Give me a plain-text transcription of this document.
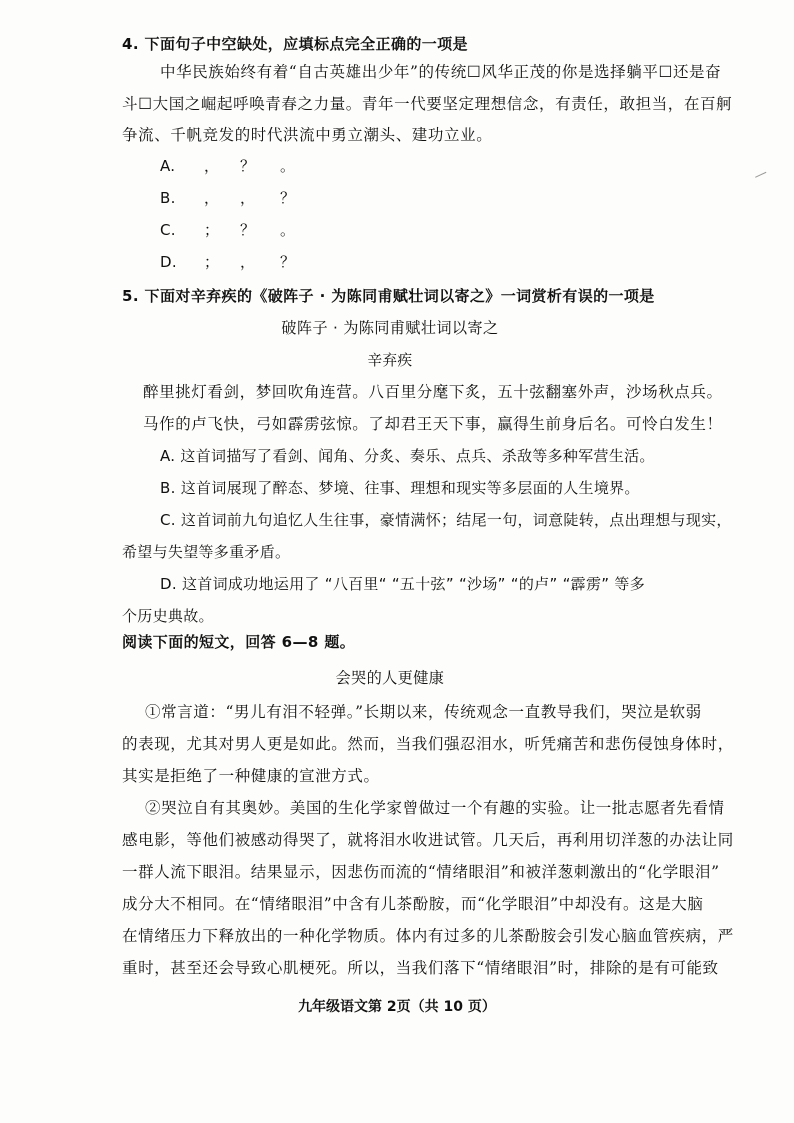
4. 下面句子中空缺处，应填标点完全正确的一项是
中华民族始终有着“自古英雄出少年”的传统☐风华正茂的你是选择躺平☐还是奋
斗☐大国之崛起呼唤青春之力量。青年一代要坚定理想信念，有责任，敢担当，在百舸
争流、千帆竞发的时代洪流中勇立潮头、建功立业。
A. ， ？ 。
B. ， ， ？
C. ； ？ 。
D. ； ， ？
5. 下面对辛弃疾的《破阵子 · 为陈同甫赋壮词以寄之》一词赏析有误的一项是
破阵子 · 为陈同甫赋壮词以寄之
辛弃疾
醉里挑灯看剑，梦回吹角连营。八百里分麾下炙，五十弦翻塞外声，沙场秋点兵。
马作的卢飞快，弓如霹雳弦惊。了却君王天下事，赢得生前身后名。可怜白发生！
A. 这首词描写了看剑、闻角、分炙、奏乐、点兵、杀敌等多种军营生活。
B. 这首词展现了醉态、梦境、往事、理想和现实等多层面的人生境界。
C. 这首词前九句追忆人生往事，豪情满怀；结尾一句，词意陡转，点出理想与现实，
希望与失望等多重矛盾。
D. 这首词成功地运用了 “八百里“ “五十弦” “沙场” “的卢” “霹雳” 等多
个历史典故。
阅读下面的短文，回答 6—8 题。
会哭的人更健康
①常言道：“男儿有泪不轻弹。”长期以来，传统观念一直教导我们，哭泣是软弱
的表现，尤其对男人更是如此。然而，当我们强忍泪水，听凭痛苦和悲伤侵蚀身体时，
其实是拒绝了一种健康的宣泄方式。
②哭泣自有其奥妙。美国的生化学家曾做过一个有趣的实验。让一批志愿者先看情
感电影，等他们被感动得哭了，就将泪水收进试管。几天后，再利用切洋葱的办法让同
一群人流下眼泪。结果显示，因悲伤而流的“情绪眼泪”和被洋葱刺激出的“化学眼泪”
成分大不相同。在“情绪眼泪”中含有儿茶酚胺，而“化学眼泪”中却没有。这是大脑
在情绪压力下释放出的一种化学物质。体内有过多的儿茶酚胺会引发心脑血管疾病，严
重时，甚至还会导致心肌梗死。所以，当我们落下“情绪眼泪”时，排除的是有可能致
九年级语文第 2页（共 10 页）
